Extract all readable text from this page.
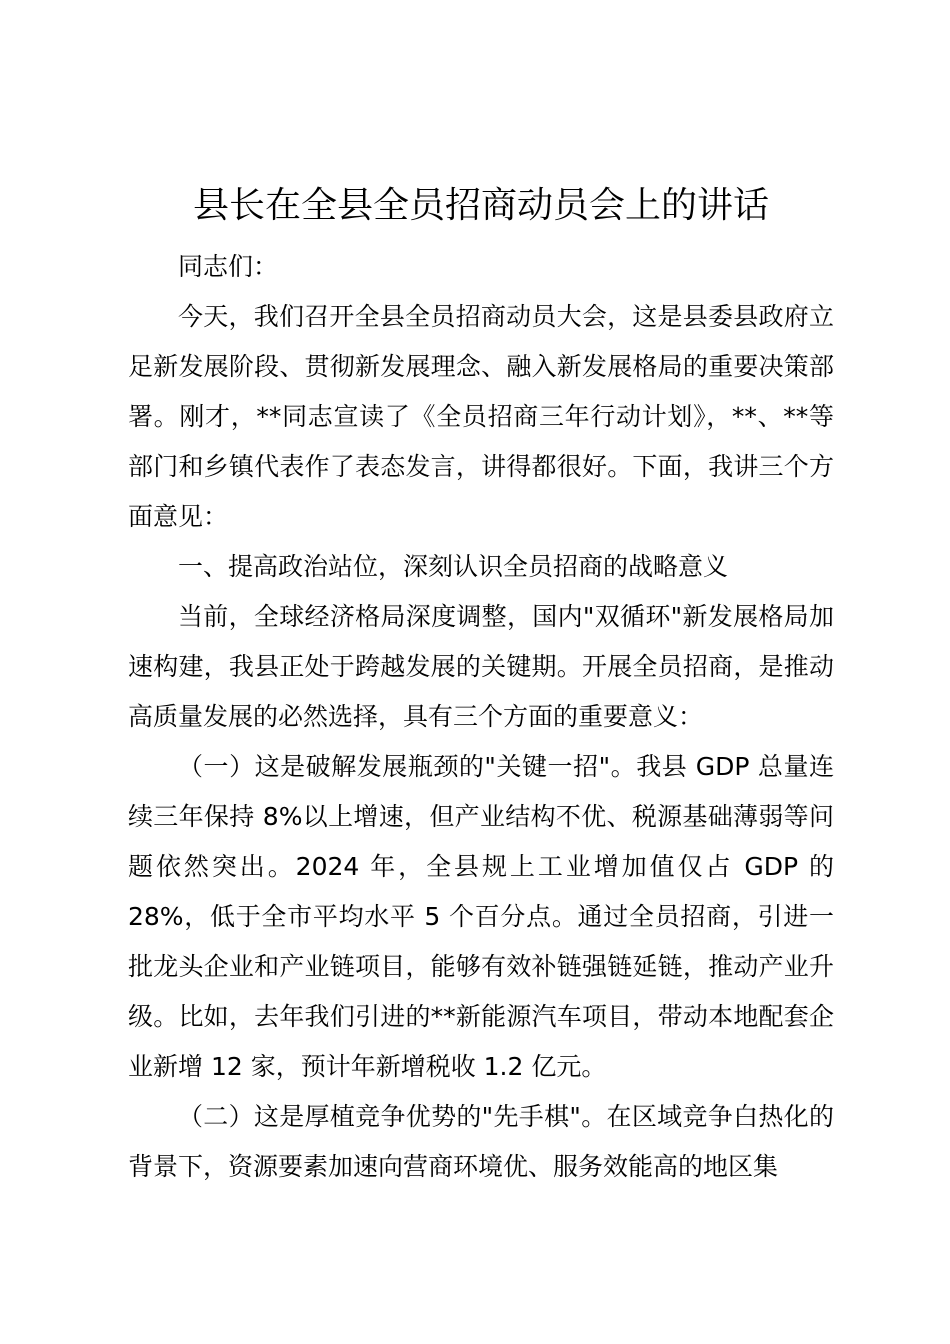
县长在全县全员招商动员会上的讲话

同志们：

今天，我们召开全县全员招商动员大会，这是县委县政府立足新发展阶段、贯彻新发展理念、融入新发展格局的重要决策部署。刚才，**同志宣读了《全员招商三年行动计划》，**、**等部门和乡镇代表作了表态发言，讲得都很好。下面，我讲三个方面意见：

一、提高政治站位，深刻认识全员招商的战略意义

当前，全球经济格局深度调整，国内"双循环"新发展格局加速构建，我县正处于跨越发展的关键期。开展全员招商，是推动高质量发展的必然选择，具有三个方面的重要意义：

（一）这是破解发展瓶颈的"关键一招"。我县 GDP 总量连续三年保持 8%以上增速，但产业结构不优、税源基础薄弱等问题依然突出。2024 年，全县规上工业增加值仅占 GDP 的 28%，低于全市平均水平 5 个百分点。通过全员招商，引进一批龙头企业和产业链项目，能够有效补链强链延链，推动产业升级。比如，去年我们引进的**新能源汽车项目，带动本地配套企业新增 12 家，预计年新增税收 1.2 亿元。

（二）这是厚植竞争优势的"先手棋"。在区域竞争白热化的背景下，资源要素加速向营商环境优、服务效能高的地区集
